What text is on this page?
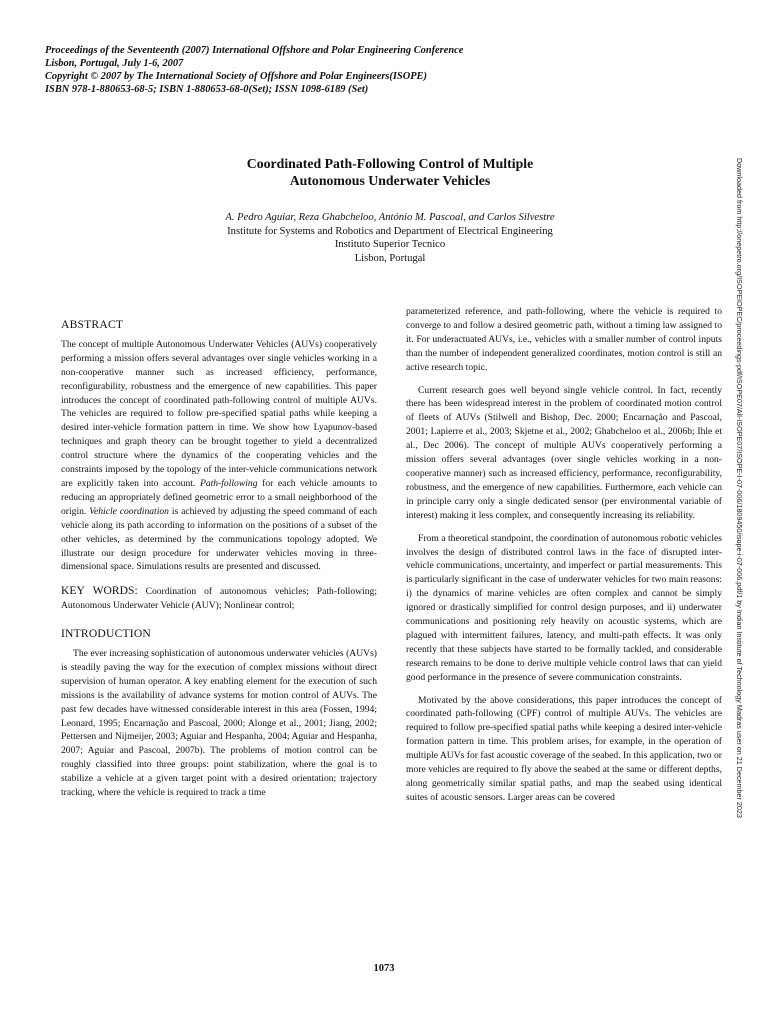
Proceedings of the Seventeenth (2007) International Offshore and Polar Engineering Conference
Lisbon, Portugal, July 1-6, 2007
Copyright © 2007 by The International Society of Offshore and Polar Engineers(ISOPE)
ISBN 978-1-880653-68-5; ISBN 1-880653-68-0(Set); ISSN 1098-6189 (Set)
Coordinated Path-Following Control of Multiple
Autonomous Underwater Vehicles
A. Pedro Aguiar, Reza Ghabcheloo, António M. Pascoal, and Carlos Silvestre
Institute for Systems and Robotics and Department of Electrical Engineering
Instituto Superior Tecnico
Lisbon, Portugal	Downloaded from http://onepetro.org/ISOPEIOPEC/proceedings-pdf/ISOPE07/All-ISOPE07/ISOPE-I-07-006/1809450/isope-i-07-006.pdf/1 by Indian Institute of Technology Madras user on 21 December 2023
ABSTRACT

The concept of multiple Autonomous Underwater Vehicles (AUVs) cooperatively performing a mission offers several advantages over single vehicles working in a non-cooperative manner such as increased efficiency, performance, reconfigurability, robustness and the emergence of new capabilities. This paper introduces the concept of coordinated path-following control of multiple AUVs. The vehicles are required to follow pre-specified spatial paths while keeping a desired inter-vehicle formation pattern in time. We show how Lyapunov-based techniques and graph theory can be brought together to yield a decentralized control structure where the dynamics of the cooperating vehicles and the constraints imposed by the topology of the inter-vehicle communications network are explicitly taken into account. Path-following for each vehicle amounts to reducing an appropriately defined geometric error to a small neighborhood of the origin. Vehicle coordination is achieved by adjusting the speed command of each vehicle along its path according to information on the positions of a subset of the other vehicles, as determined by the communications topology adopted. We illustrate our design procedure for underwater vehicles moving in three-dimensional space. Simulations results are presented and discussed.

KEY WORDS: Coordination of autonomous vehicles; Path-following; Autonomous Underwater Vehicle (AUV); Nonlinear control;

INTRODUCTION

The ever increasing sophistication of autonomous underwater vehicles (AUVs) is steadily paving the way for the execution of complex missions without direct supervision of human operator. A key enabling element for the execution of such missions is the availability of advance systems for motion control of AUVs. The past few decades have witnessed considerable interest in this area (Fossen, 1994; Leonard, 1995; Encarnação and Pascoal, 2000; Alonge et al., 2001; Jiang, 2002; Pettersen and Nijmeijer, 2003; Aguiar and Hespanha, 2004; Aguiar and Hespanha, 2007; Aguiar and Pascoal, 2007b). The problems of motion control can be roughly classified into three groups: point stabilization, where the goal is to stabilize a vehicle at a given target point with a desired orientation; trajectory tracking, where the vehicle is required to track a time

parameterized reference, and path-following, where the vehicle is required to converge to and follow a desired geometric path, without a timing law assigned to it. For underactuated AUVs, i.e., vehicles with a smaller number of control inputs than the number of independent generalized coordinates, motion control is still an active research topic.

Current research goes well beyond single vehicle control. In fact, recently there has been widespread interest in the problem of coordinated motion control of fleets of AUVs (Stilwell and Bishop, Dec. 2000; Encarnação and Pascoal, 2001; Lapierre et al., 2003; Skjetne et al., 2002; Ghabcheloo et al., 2006b; Ihle et al., Dec 2006). The concept of multiple AUVs cooperatively performing a mission offers several advantages (over single vehicles working in a non-cooperative manner) such as increased efficiency, performance, reconfigurability, robustness, and the emergence of new capabilities. Furthermore, each vehicle can in principle carry only a single dedicated sensor (per environmental variable of interest) making it less complex, and consequently increasing its reliability.

From a theoretical standpoint, the coordination of autonomous robotic vehicles involves the design of distributed control laws in the face of disrupted inter-vehicle communications, uncertainty, and imperfect or partial measurements. This is particularly significant in the case of underwater vehicles for two main reasons: i) the dynamics of marine vehicles are often complex and cannot be simply ignored or drastically simplified for control design purposes, and ii) underwater communications and positioning rely heavily on acoustic systems, which are plagued with intermittent failures, latency, and multi-path effects. It was only recently that these subjects have started to be formally tackled, and considerable research remains to be done to derive multiple vehicle control laws that can yield good performance in the presence of severe communication constraints.

Motivated by the above considerations, this paper introduces the concept of coordinated path-following (CPF) control of multiple AUVs. The vehicles are required to follow pre-specified spatial paths while keeping a desired inter-vehicle formation pattern in time. This problem arises, for example, in the operation of multiple AUVs for fast acoustic coverage of the seabed. In this application, two or more vehicles are required to fly above the seabed at the same or different depths, along geometrically similar spatial paths, and map the seabed using identical suites of acoustic sensors. Larger areas can be covered

1073
